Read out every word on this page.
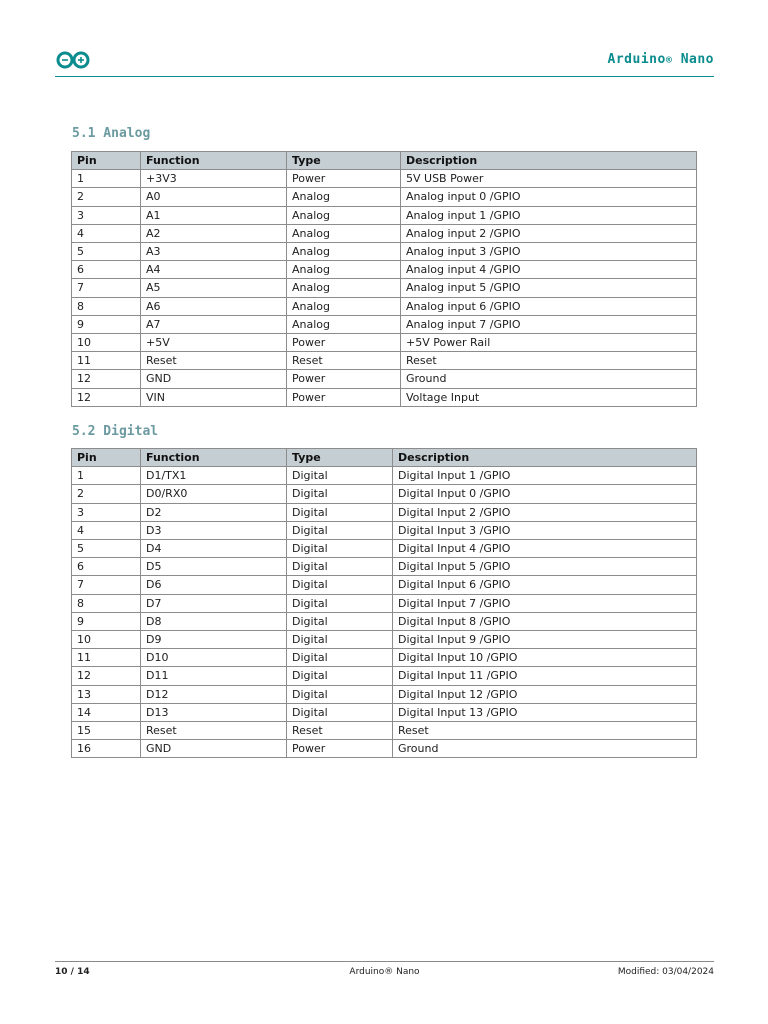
Arduino® Nano
5.1 Analog
Pin	Function	Type	Description
1	+3V3	Power	5V USB Power
2	A0	Analog	Analog input 0 /GPIO
3	A1	Analog	Analog input 1 /GPIO
4	A2	Analog	Analog input 2 /GPIO
5	A3	Analog	Analog input 3 /GPIO
6	A4	Analog	Analog input 4 /GPIO
7	A5	Analog	Analog input 5 /GPIO
8	A6	Analog	Analog input 6 /GPIO
9	A7	Analog	Analog input 7 /GPIO
10	+5V	Power	+5V Power Rail
11	Reset	Reset	Reset
12	GND	Power	Ground
12	VIN	Power	Voltage Input
5.2 Digital
Pin	Function	Type	Description
1	D1/TX1	Digital	Digital Input 1 /GPIO
2	D0/RX0	Digital	Digital Input 0 /GPIO
3	D2	Digital	Digital Input 2 /GPIO
4	D3	Digital	Digital Input 3 /GPIO
5	D4	Digital	Digital Input 4 /GPIO
6	D5	Digital	Digital Input 5 /GPIO
7	D6	Digital	Digital Input 6 /GPIO
8	D7	Digital	Digital Input 7 /GPIO
9	D8	Digital	Digital Input 8 /GPIO
10	D9	Digital	Digital Input 9 /GPIO
11	D10	Digital	Digital Input 10 /GPIO
12	D11	Digital	Digital Input 11 /GPIO
13	D12	Digital	Digital Input 12 /GPIO
14	D13	Digital	Digital Input 13 /GPIO
15	Reset	Reset	Reset
16	GND	Power	Ground
10 / 14	Arduino® Nano	Modified: 03/04/2024
